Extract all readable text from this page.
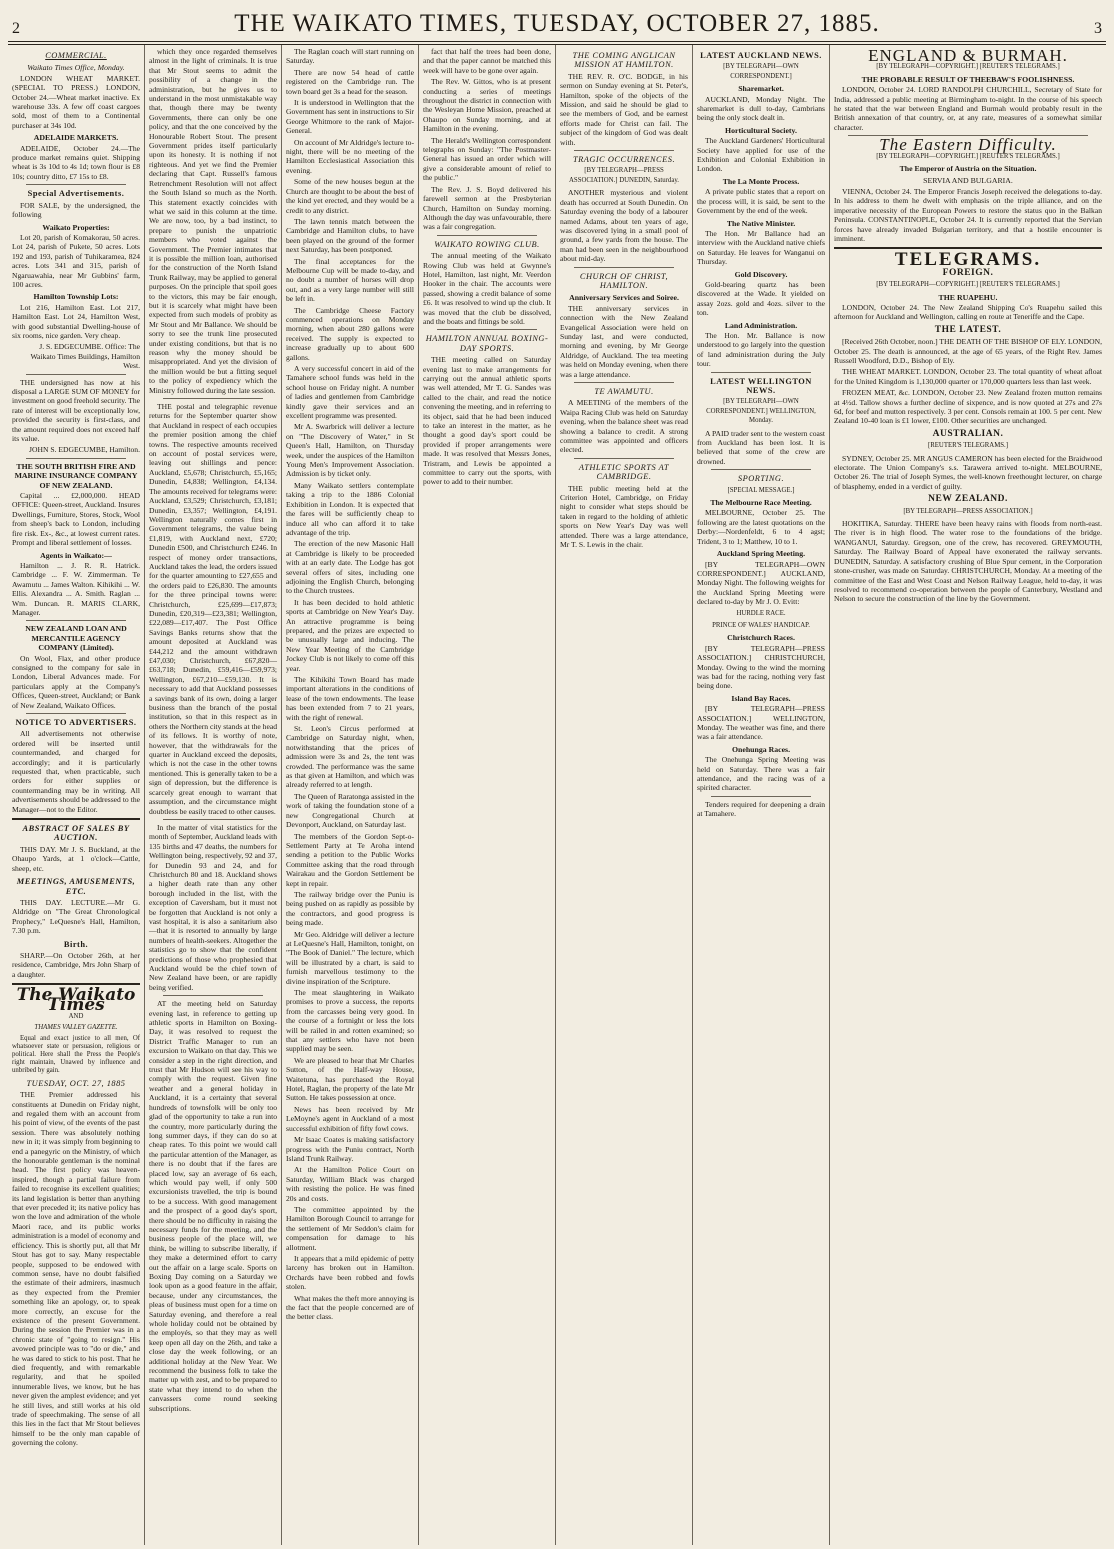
2	THE WAIKATO TIMES, TUESDAY, OCTOBER 27, 1885.	3
COMMERCIAL.
Waikato Times Office, Monday.

LONDON WHEAT MARKET. (SPECIAL TO PRESS.) LONDON, October 24.—Wheat market inactive. Ex warehouse 33s. A few off coast cargoes sold, most of them to a Continental purchaser at 34s 10d.

ADELAIDE MARKETS.

ADELAIDE, October 24.—The produce market remains quiet. Shipping wheat is 3s 10d to 4s 1d; town flour is £8 10s; country ditto, £7 15s to £8.

Special Advertisements.

FOR SALE, by the undersigned, the following

Waikato Properties:

Lot 20, parish of Komakorau, 50 acres. Lot 24, parish of Pukete, 50 acres. Lots 192 and 193, parish of Tuhikaramea, 824 acres. Lots 341 and 315, parish of Ngaruawahia, near Mr Gubbins' farm, 100 acres.

Hamilton Township Lots:

Lot 216, Hamilton East. Lot 217, Hamilton East. Lot 24, Hamilton West, with good substantial Dwelling-house of six rooms, nice garden. Very cheap.

J. S. EDGECUMBE. Office: The Waikato Times Buildings, Hamilton West.

THE undersigned has now at his disposal a LARGE SUM OF MONEY for investment on good freehold security. The rate of interest will be exceptionally low, provided the security is first-class, and the amount required does not exceed half its value.

JOHN S. EDGECUMBE, Hamilton.

THE SOUTH BRITISH FIRE AND MARINE INSURANCE COMPANY OF NEW ZEALAND.

Capital ... £2,000,000. HEAD OFFICE: Queen-street, Auckland. Insures Dwellings, Furniture, Stores, Stock, Wool from sheep's back to London, including fire risk. Ex-, &c., at lowest current rates. Prompt and liberal settlement of losses.

Agents in Waikato:—

Hamilton ... J. R. R. Hatrick. Cambridge ... F. W. Zimmerman. Te Awamutu ... James Walton. Kihikihi ... W. Ellis. Alexandra ... A. Smith. Raglan ... Wm. Duncan. R. MARIS CLARK, Manager.

NEW ZEALAND LOAN AND MERCANTILE AGENCY COMPANY (Limited).

On Wool, Flax, and other produce consigned to the company for sale in London, Liberal Advances made. For particulars apply at the Company's Offices, Queen-street, Auckland; or Bank of New Zealand, Waikato Offices.

NOTICE TO ADVERTISERS.

All advertisements not otherwise ordered will be inserted until countermanded, and charged for accordingly; and it is particularly requested that, when practicable, such orders for either supplies or countermanding may be in writing. All advertisements should be addressed to the Manager—not to the Editor.

ABSTRACT OF SALES BY AUCTION.

THIS DAY. Mr J. S. Buckland, at the Ohaupo Yards, at 1 o'clock—Cattle, sheep, etc.

MEETINGS, AMUSEMENTS, ETC.

THIS DAY. LECTURE.—Mr G. Aldridge on "The Great Chronological Prophecy," LeQuesne's Hall, Hamilton, 7.30 p.m.

Birth.

SHARP.—On October 26th, at her residence, Cambridge, Mrs John Sharp of a daughter.

The Waikato Times
AND
THAMES VALLEY GAZETTE.

Equal and exact justice to all men, Of whatsoever state or persuasion, religious or political. Here shall the Press the People's right maintain, Unawed by influence and unbribed by gain.

TUESDAY, OCT. 27, 1885

THE Premier addressed his constituents at Dunedin on Friday night, and regaled them with an account from his point of view, of the events of the past session. There was absolutely nothing new in it; it was simply from beginning to end a panegyric on the Ministry, of which the honourable gentleman is the nominal head. The first policy was heaven-inspired, though a partial failure from failed to recognise its excellent qualities; its land legislation is better than anything that ever preceded it; its native policy has won the love and admiration of the whole Maori race, and its public works administration is a model of economy and efficiency. This is shortly put, all that Mr Stout has got to say. Many respectable people, supposed to be endowed with common sense, have no doubt falsified the estimate of their admirers, inasmuch as they expected from the Premier something like an apology, or, to speak more correctly, an excuse for the existence of the present Government. During the session the Premier was in a chronic state of "going to resign." His avowed principle was to "do or die," and he was dared to stick to his post. That he died frequently, and with remarkable regularity, and that he spoiled innumerable lives, we know, but he has never given the amplest evidence; and yet he still lives, and still works at his old trade of speechmaking. The sense of all this lies in the fact that Mr Stout believes himself to be the only man capable of governing the colony.

which they once regarded themselves almost in the light of criminals. It is true that Mr Stout seems to admit the possibility of a change in the administration, but he gives us to understand in the most unmistakable way that, though there may be twenty Governments, there can only be one policy, and that the one conceived by the Honourable Robert Stout. The present Government prides itself particularly upon its honesty. It is nothing if not righteous. And yet we find the Premier declaring that Capt. Russell's famous Retrenchment Resolution will not affect the South Island so much as the North. This statement exactly coincides with what we said in this column at the time. We are now, too, by a bad instinct, to prepare to punish the unpatriotic members who voted against the Government. The Premier intimates that it is possible the million loan, authorised for the construction of the North Island Trunk Railway, may be applied to general purposes. On the principle that spoil goes to the victors, this may be fair enough, but it is scarcely what might have been expected from such models of probity as Mr Stout and Mr Ballance. We should be sorry to see the trunk line prosecuted under existing conditions, but that is no reason why the money should be misappropriated. And yet the division of the million would be but a fitting sequel to the policy of expediency which the Ministry followed during the late session.

THE postal and telegraphic revenue returns for the September quarter show that Auckland in respect of each occupies the premier position among the chief towns. The respective amounts received on account of postal services were, leaving out shillings and pence: Auckland, £5,678; Christchurch, £5,165; Dunedin, £4,838; Wellington, £4,134. The amounts received for telegrams were: Auckland, £3,529; Christchurch, £3,181; Dunedin, £3,357; Wellington, £4,191. Wellington naturally comes first in Government telegrams, the value being £1,819, with Auckland next, £720; Dunedin £500, and Christchurch £246. In respect of money order transactions, Auckland takes the lead, the orders issued for the quarter amounting to £27,655 and the orders paid to £26,830. The amounts for the three principal towns were: Christchurch, £25,699—£17,873; Dunedin, £20,319—£23,381; Wellington, £22,089—£17,407. The Post Office Savings Banks returns show that the amount deposited at Auckland was £44,212 and the amount withdrawn £47,030; Christchurch, £67,820—£63,718; Dunedin, £59,416—£59,973; Wellington, £67,210—£59,130. It is necessary to add that Auckland possesses a savings bank of its own, doing a larger business than the branch of the postal institution, so that in this respect as in others the Northern city stands at the head of its fellows. It is worthy of note, however, that the withdrawals for the quarter in Auckland exceed the deposits, which is not the case in the other towns mentioned. This is generally taken to be a sign of depression, but the difference is scarcely great enough to warrant that assumption, and the circumstance might doubtless be easily traced to other causes.

In the matter of vital statistics for the month of September, Auckland leads with 135 births and 47 deaths, the numbers for Wellington being, respectively, 92 and 37, for Dunedin 93 and 24, and for Christchurch 80 and 18. Auckland shows a higher death rate than any other borough included in the list, with the exception of Caversham, but it must not be forgotten that Auckland is not only a vast hospital, it is also a sanitarium also—that it is resorted to annually by large numbers of health-seekers. Altogether the statistics go to show that the confident predictions of those who prophesied that Auckland would be the chief town of New Zealand have been, or are rapidly being verified.

AT the meeting held on Saturday evening last, in reference to getting up athletic sports in Hamilton on Boxing-Day, it was resolved to request the District Traffic Manager to run an excursion to Waikato on that day. This we consider a step in the right direction, and trust that Mr Hudson will see his way to comply with the request. Given fine weather and a general holiday in Auckland, it is a certainty that several hundreds of townsfolk will be only too glad of the opportunity to take a run into the country, more particularly during the long summer days, if they can do so at cheap rates. To this point we would call the particular attention of the Manager, as there is no doubt that if the fares are placed low, say an average of 6s each, which would pay well, if only 500 excursionists travelled, the trip is bound to be a success. With good management and the prospect of a good day's sport, there should be no difficulty in raising the necessary funds for the meeting, and the business people of the place will, we think, be willing to subscribe liberally, if they make a determined effort to carry out the affair on a large scale. Sports on Boxing Day coming on a Saturday we look upon as a good feature in the affair, because, under any circumstances, the pleas of business must open for a time on Saturday evening, and therefore a real whole holiday could not be obtained by the employés, so that they may as well keep open all day on the 26th, and take a close day the week following, or an additional holiday at the New Year. We recommend the business folk to take the matter up with zest, and to be prepared to state what they intend to do when the canvassers come round seeking subscriptions.

The Raglan coach will start running on Saturday.

There are now 54 head of cattle registered on the Cambridge run. The town board get 3s a head for the season.

It is understood in Wellington that the Government has sent in instructions to Sir George Whitmore to the rank of Major-General.

On account of Mr Aldridge's lecture to-night, there will be no meeting of the Hamilton Ecclesiastical Association this evening.

Some of the new houses begun at the Church are thought to be about the best of the kind yet erected, and they would be a credit to any district.

The lawn tennis match between the Cambridge and Hamilton clubs, to have been played on the ground of the former next Saturday, has been postponed.

The final acceptances for the Melbourne Cup will be made to-day, and no doubt a number of horses will drop out, and as a very large number will still be left in.

The Cambridge Cheese Factory commenced operations on Monday morning, when about 280 gallons were received. The supply is expected to increase gradually up to about 600 gallons.

A very successful concert in aid of the Tamahere school funds was held in the school house on Friday night. A number of ladies and gentlemen from Cambridge kindly gave their services and an excellent programme was presented.

Mr A. Swarbrick will deliver a lecture on "The Discovery of Water," in St Queen's Hall, Hamilton, on Thursday week, under the auspices of the Hamilton Young Men's Improvement Association. Admission is by ticket only.

Many Waikato settlers contemplate taking a trip to the 1886 Colonial Exhibition in London. It is expected that the fares will be sufficiently cheap to induce all who can afford it to take advantage of the trip.

The erection of the new Masonic Hall at Cambridge is likely to be proceeded with at an early date. The Lodge has got several offers of sites, including one adjoining the English Church, belonging to the Church trustees.

It has been decided to hold athletic sports at Cambridge on New Year's Day. An attractive programme is being prepared, and the prizes are expected to be unusually large and inducing. The New Year Meeting of the Cambridge Jockey Club is not likely to come off this year.

The Kihikihi Town Board has made important alterations in the conditions of lease of the town endowments. The lease has been extended from 7 to 21 years, with the right of renewal.

St. Leon's Circus performed at Cambridge on Saturday night, when, notwithstanding that the prices of admission were 3s and 2s, the tent was crowded. The performance was the same as that given at Hamilton, and which was already referred to at length.

The Queen of Raratonga assisted in the work of taking the foundation stone of a new Congregational Church at Devonport, Auckland, on Saturday last.

The members of the Gordon Sept-o-Settlement Party at Te Aroha intend sending a petition to the Public Works Committee asking that the road through Wairakau and the Gordon Settlement be kept in repair.

The railway bridge over the Puniu is being pushed on as rapidly as possible by the contractors, and good progress is being made.

Mr Geo. Aldridge will deliver a lecture at LeQuesne's Hall, Hamilton, tonight, on "The Book of Daniel." The lecture, which will be illustrated by a chart, is said to furnish marvellous testimony to the divine inspiration of the Scripture.

The meat slaughtering in Waikato promises to prove a success, the reports from the carcasses being very good. In the course of a fortnight or less the lots will be railed in and rotten examined; so that any settlers who have not been supplied may be seen.

We are pleased to hear that Mr Charles Sutton, of the Half-way House, Waitetuna, has purchased the Royal Hotel, Raglan, the property of the late Mr Sutton. He takes possession at once.

News has been received by Mr LeMoyne's agent in Auckland of a most successful exhibition of fifty fowl cows.

Mr Isaac Coates is making satisfactory progress with the Puniu contract, North Island Trunk Railway.

At the Hamilton Police Court on Saturday, William Black was charged with resisting the police. He was fined 20s and costs.

The committee appointed by the Hamilton Borough Council to arrange for the settlement of Mr Seddon's claim for compensation for damage to his allotment.

It appears that a mild epidemic of petty larceny has broken out in Hamilton. Orchards have been robbed and fowls stolen.

What makes the theft more annoying is the fact that the people concerned are of the better class.

fact that half the trees had been done, and that the paper cannot be matched this week will have to be gone over again.

The Rev. W. Gittos, who is at present conducting a series of meetings throughout the district in connection with the Wesleyan Home Mission, preached at Ohaupo on Sunday morning, and at Hamilton in the evening.

The Herald's Wellington correspondent telegraphs on Sunday: "The Postmaster-General has issued an order which will give a considerable amount of relief to the public."

The Rev. J. S. Boyd delivered his farewell sermon at the Presbyterian Church, Hamilton on Sunday morning. Although the day was unfavourable, there was a fair congregation.

WAIKATO ROWING CLUB.

The annual meeting of the Waikato Rowing Club was held at Gwynne's Hotel, Hamilton, last night, Mr. Veerdon Hooker in the chair. The accounts were passed, showing a credit balance of some £6. It was resolved to wind up the club. It was moved that the club be dissolved, and the boats and fittings be sold.

HAMILTON ANNUAL BOXING-DAY SPORTS.

THE meeting called on Saturday evening last to make arrangements for carrying out the annual athletic sports was well attended, Mr T. G. Sandes was called to the chair, and read the notice convening the meeting, and in referring to its object, said that he had been induced to take an interest in the matter, as he thought a good day's sport could be provided if proper arrangements were made. It was resolved that Messrs Jones, Tristram, and Lewis be appointed a committee to carry out the sports, with power to add to their number.

THE COMING ANGLICAN MISSION AT HAMILTON.

THE REV. R. O'C. BODGE, in his sermon on Sunday evening at St. Peter's, Hamilton, spoke of the objects of the Mission, and said he should be glad to see the members of God, and be earnest efforts made for Christ can fail. The subject of the kingdom of God was dealt with.

TRAGIC OCCURRENCES.
[BY TELEGRAPH—PRESS ASSOCIATION.] DUNEDIN, Saturday.

ANOTHER mysterious and violent death has occurred at South Dunedin. On Saturday evening the body of a labourer named Adams, about ten years of age, was discovered lying in a small pool of ground, a few yards from the house. The man had been seen in the neighbourhood about mid-day.

CHURCH OF CHRIST, HAMILTON.
Anniversary Services and Soiree.

THE anniversary services in connection with the New Zealand Evangelical Association were held on Sunday last, and were conducted, morning and evening, by Mr George Aldridge, of Auckland. The tea meeting was held on Monday evening, when there was a large attendance.

TE AWAMUTU.

A MEETING of the members of the Waipa Racing Club was held on Saturday evening, when the balance sheet was read showing a balance to credit. A strong committee was appointed and officers elected.

ATHLETIC SPORTS AT CAMBRIDGE.

THE public meeting held at the Criterion Hotel, Cambridge, on Friday night to consider what steps should be taken in regard to the holding of athletic sports on New Year's Day was well attended. There was a large attendance, Mr T. S. Lewis in the chair.

LATEST AUCKLAND NEWS.
[BY TELEGRAPH—OWN CORRESPONDENT.]
Sharemarket.

AUCKLAND, Monday Night. The sharemarket is dull to-day, Cambrians being the only stock dealt in.

Horticultural Society.

The Auckland Gardeners' Horticultural Society have applied for use of the Exhibition and Colonial Exhibition in London.

The La Monte Process.

A private public states that a report on the process will, it is said, be sent to the Government by the end of the week.

The Native Minister.

The Hon. Mr Ballance had an interview with the Auckland native chiefs on Saturday. He leaves for Wanganui on Thursday.

Gold Discovery.

Gold-bearing quartz has been discovered at the Wade. It yielded on assay 2ozs. gold and 4ozs. silver to the ton.

Land Administration.

The Hon. Mr. Ballance is now understood to go largely into the question of land administration during the July tour.

LATEST WELLINGTON NEWS.
[BY TELEGRAPH—OWN CORRESPONDENT.] WELLINGTON, Monday.

A PAID trader sent to the western coast from Auckland has been lost. It is believed that some of the crew are drowned.

SPORTING.
[SPECIAL MESSAGE.]
The Melbourne Race Meeting.

MELBOURNE, October 25. The following are the latest quotations on the Derby:—Nordenfeldt, 6 to 4 agst; Trident, 3 to 1; Matthew, 10 to 1.

Auckland Spring Meeting.

[BY TELEGRAPH—OWN CORRESPONDENT.] AUCKLAND, Monday Night. The following weights for the Auckland Spring Meeting were declared to-day by Mr J. O. Evitt:

HURDLE RACE.
PRINCE OF WALES' HANDICAP.
Christchurch Races.

[BY TELEGRAPH—PRESS ASSOCIATION.] CHRISTCHURCH, Monday. Owing to the wind the morning was bad for the racing, nothing very fast being done.

Island Bay Races.

[BY TELEGRAPH—PRESS ASSOCIATION.] WELLINGTON, Monday. The weather was fine, and there was a fair attendance.

Onehunga Races.

The Onehunga Spring Meeting was held on Saturday. There was a fair attendance, and the racing was of a spirited character.

Tenders required for deepening a drain at Tamahere.

ENGLAND & BURMAH.
[BY TELEGRAPH—COPYRIGHT.] [REUTER'S TELEGRAMS.]
THE PROBABLE RESULT OF THEEBAW'S FOOLISHNESS.

LONDON, October 24. LORD RANDOLPH CHURCHILL, Secretary of State for India, addressed a public meeting at Birmingham to-night. In the course of his speech he stated that the war between England and Burmah would probably result in the British annexation of that country, or, at any rate, measures of a somewhat similar character.

The Eastern Difficulty.
[BY TELEGRAPH—COPYRIGHT.] [REUTER'S TELEGRAMS.]
The Emperor of Austria on the Situation.
SERVIA AND BULGARIA.

VIENNA, October 24. The Emperor Francis Joseph received the delegations to-day. In his address to them he dwelt with emphasis on the triple alliance, and on the imperative necessity of the European Powers to restore the status quo in the Balkan Peninsula. CONSTANTINOPLE, October 24. It is currently reported that the Servian forces have already invaded Bulgarian territory, and that a hostile encounter is imminent.

TELEGRAMS.
FOREIGN.
[BY TELEGRAPH—COPYRIGHT.] [REUTER'S TELEGRAMS.]
THE RUAPEHU.

LONDON, October 24. The New Zealand Shipping Co's Ruapehu sailed this afternoon for Auckland and Wellington, calling en route at Teneriffe and the Cape.

THE LATEST.

[Received 26th October, noon.] THE DEATH OF THE BISHOP OF ELY. LONDON, October 25. The death is announced, at the age of 65 years, of the Right Rev. James Russell Woodford, D.D., Bishop of Ely.

THE WHEAT MARKET. LONDON, October 23. The total quantity of wheat afloat for the United Kingdom is 1,130,000 quarter or 170,000 quarters less than last week.

FROZEN MEAT, &c. LONDON, October 23. New Zealand frozen mutton remains at 4½d. Tallow shows a further decline of sixpence, and is now quoted at 27s and 27s 6d, for beef and mutton respectively. 3 per cent. Consols remain at 100. 5 per cent. New Zealand 10-40 loan is £1 lower, £100. Other securities are unchanged.

AUSTRALIAN.
[REUTER'S TELEGRAMS.]

SYDNEY, October 25. MR ANGUS CAMERON has been elected for the Braidwood electorate. The Union Company's s.s. Tarawera arrived to-night. MELBOURNE, October 26. The trial of Joseph Symes, the well-known freethought lecturer, on charge of blasphemy, ended in a verdict of guilty.

NEW ZEALAND.
[BY TELEGRAPH—PRESS ASSOCIATION.]

HOKITIKA, Saturday. THERE have been heavy rains with floods from north-east. The river is in high flood. The water rose to the foundations of the bridge. WANGANUI, Saturday. Gregson, one of the crew, has recovered. GREYMOUTH, Saturday. The Railway Board of Appeal have exonerated the railway servants. DUNEDIN, Saturday. A satisfactory crushing of Blue Spur cement, in the Corporation stone-crusher, was made on Saturday. CHRISTCHURCH, Monday. At a meeting of the committee of the East and West Coast and Nelson Railway League, held to-day, it was resolved to recommend co-operation between the people of Canterbury, Westland and Nelson to secure the construction of the line by the Government.
